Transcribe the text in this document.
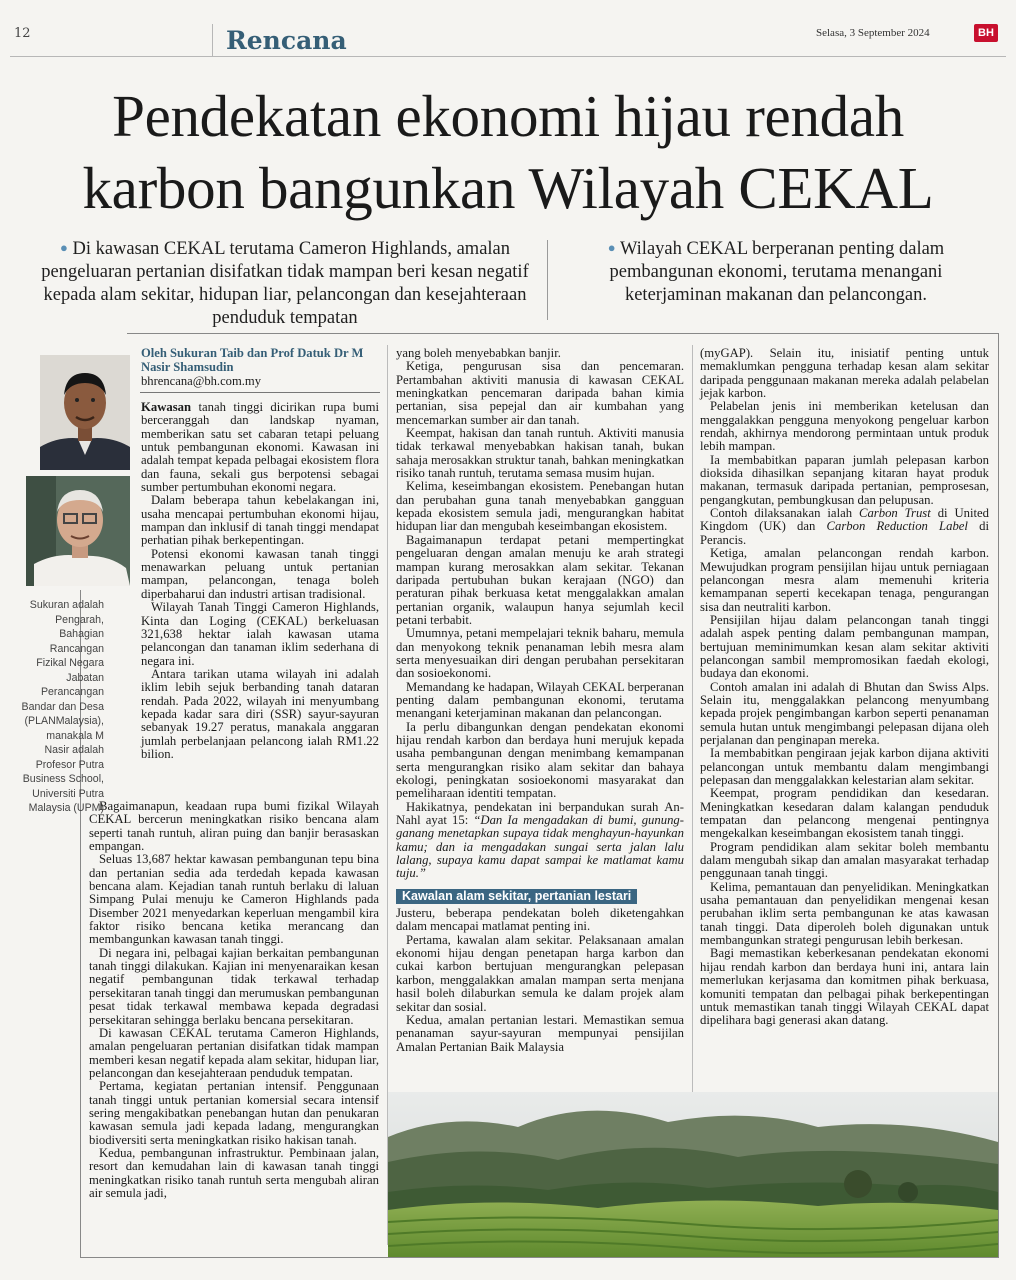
12	Rencana	Selasa, 3 September 2024	BH
Pendekatan ekonomi hijau rendah
karbon bangunkan Wilayah CEKAL
● Di kawasan CEKAL terutama Cameron Highlands, amalan pengeluaran pertanian disifatkan tidak mampan beri kesan negatif kepada alam sekitar, hidupan liar, pelancongan dan kesejahteraan penduduk tempatan
● Wilayah CEKAL berperanan penting dalam pembangunan ekonomi, terutama menangani keterjaminan makanan dan pelancongan.
Sukuran adalah Pengarah, Bahagian Rancangan Fizikal Negara Jabatan Perancangan Bandar dan Desa (PLANMalaysia), manakala M Nasir adalah Profesor Putra Business School, Universiti Putra Malaysia (UPM)
Oleh Sukuran Taib dan Prof Datuk Dr M Nasir Shamsudin
bhrencana@bh.com.my

Kawasan tanah tinggi dicirikan rupa bumi berceranggah dan landskap nyaman, memberikan satu set cabaran tetapi peluang untuk pembangunan ekonomi. Kawasan ini adalah tempat kepada pelbagai ekosistem flora dan fauna, sekali gus berpotensi sebagai sumber pertumbuhan ekonomi negara.

Dalam beberapa tahun kebelakangan ini, usaha mencapai pertumbuhan ekonomi hijau, mampan dan inklusif di tanah tinggi mendapat perhatian pihak berkepentingan.

Potensi ekonomi kawasan tanah tinggi menawarkan peluang untuk pertanian mampan, pelancongan, tenaga boleh diperbaharui dan industri artisan tradisional.

Wilayah Tanah Tinggi Cameron Highlands, Kinta dan Loging (CEKAL) berkeluasan 321,638 hektar ialah kawasan utama pelancongan dan tanaman iklim sederhana di negara ini.

Antara tarikan utama wilayah ini adalah iklim lebih sejuk berbanding tanah dataran rendah. Pada 2022, wilayah ini menyumbang kepada kadar sara diri (SSR) sayur-sayuran sebanyak 19.27 peratus, manakala anggaran jumlah perbelanjaan pelancong ialah RM1.22 bilion.

Bagaimanapun, keadaan rupa bumi fizikal Wilayah CEKAL bercerun meningkatkan risiko bencana alam seperti tanah runtuh, aliran puing dan banjir berasaskan empangan.

Seluas 13,687 hektar kawasan pembangunan tepu bina dan pertanian sedia ada terdedah kepada kawasan bencana alam. Kejadian tanah runtuh berlaku di laluan Simpang Pulai menuju ke Cameron Highlands pada Disember 2021 menyedarkan keperluan mengambil kira faktor risiko bencana ketika merancang dan membangunkan kawasan tanah tinggi.

Di negara ini, pelbagai kajian berkaitan pembangunan tanah tinggi dilakukan. Kajian ini menyenaraikan kesan negatif pembangunan tidak terkawal terhadap persekitaran tanah tinggi dan merumuskan pembangunan pesat tidak terkawal membawa kepada degradasi persekitaran sehingga berlaku bencana persekitaran.

Di kawasan CEKAL terutama Cameron Highlands, amalan pengeluaran pertanian disifatkan tidak mampan memberi kesan negatif kepada alam sekitar, hidupan liar, pelancongan dan kesejahteraan penduduk tempatan.

Pertama, kegiatan pertanian intensif. Penggunaan tanah tinggi untuk pertanian komersial secara intensif sering mengakibatkan penebangan hutan dan penukaran kawasan semula jadi kepada ladang, mengurangkan biodiversiti serta meningkatkan risiko hakisan tanah.

Kedua, pembangunan infrastruktur. Pembinaan jalan, resort dan kemudahan lain di kawasan tanah tinggi meningkatkan risiko tanah runtuh serta mengubah aliran air semula jadi,

yang boleh menyebabkan banjir.

Ketiga, pengurusan sisa dan pencemaran. Pertambahan aktiviti manusia di kawasan CEKAL meningkatkan pencemaran daripada bahan kimia pertanian, sisa pepejal dan air kumbahan yang mencemarkan sumber air dan tanah.

Keempat, hakisan dan tanah runtuh. Aktiviti manusia tidak terkawal menyebabkan hakisan tanah, bukan sahaja merosakkan struktur tanah, bahkan meningkatkan risiko tanah runtuh, terutama semasa musim hujan.

Kelima, keseimbangan ekosistem. Penebangan hutan dan perubahan guna tanah menyebabkan gangguan kepada ekosistem semula jadi, mengurangkan habitat hidupan liar dan mengubah keseimbangan ekosistem.

Bagaimanapun terdapat petani mempertingkat pengeluaran dengan amalan menuju ke arah strategi mampan kurang merosakkan alam sekitar. Tekanan daripada pertubuhan bukan kerajaan (NGO) dan peraturan pihak berkuasa ketat menggalakkan amalan pertanian organik, walaupun hanya sejumlah kecil petani terbabit.

Umumnya, petani mempelajari teknik baharu, memula dan menyokong teknik penanaman lebih mesra alam serta menyesuaikan diri dengan perubahan persekitaran dan sosioekonomi.

Memandang ke hadapan, Wilayah CEKAL berperanan penting dalam pembangunan ekonomi, terutama menangani keterjaminan makanan dan pelancongan.

Ia perlu dibangunkan dengan pendekatan ekonomi hijau rendah karbon dan berdaya huni merujuk kepada usaha pembangunan dengan menimbang kemampanan serta mengurangkan risiko alam sekitar dan bahaya ekologi, peningkatan sosioekonomi masyarakat dan pemeliharaan identiti tempatan.

Hakikatnya, pendekatan ini berpandukan surah An-Nahl ayat 15: “Dan Ia mengadakan di bumi, gunung-ganang menetapkan supaya tidak menghayun-hayunkan kamu; dan ia mengadakan sungai serta jalan lalu lalang, supaya kamu dapat sampai ke matlamat kamu tuju.”

Kawalan alam sekitar, pertanian lestari

Justeru, beberapa pendekatan boleh diketengahkan dalam mencapai matlamat penting ini.

Pertama, kawalan alam sekitar. Pelaksanaan amalan ekonomi hijau dengan penetapan harga karbon dan cukai karbon bertujuan mengurangkan pelepasan karbon, menggalakkan amalan mampan serta menjana hasil boleh dilaburkan semula ke dalam projek alam sekitar dan sosial.

Kedua, amalan pertanian lestari. Memastikan semua penanaman sayur-sayuran mempunyai pensijilan Amalan Pertanian Baik Malaysia

(myGAP). Selain itu, inisiatif penting untuk memaklumkan pengguna terhadap kesan alam sekitar daripada penggunaan makanan mereka adalah pelabelan jejak karbon.

Pelabelan jenis ini memberikan ketelusan dan menggalakkan pengguna menyokong pengeluar karbon rendah, akhirnya mendorong permintaan untuk produk lebih mampan.

Ia membabitkan paparan jumlah pelepasan karbon dioksida dihasilkan sepanjang kitaran hayat produk makanan, termasuk daripada pertanian, pemprosesan, pengangkutan, pembungkusan dan pelupusan.

Contoh dilaksanakan ialah Carbon Trust di United Kingdom (UK) dan Carbon Reduction Label di Perancis.

Ketiga, amalan pelancongan rendah karbon. Mewujudkan program pensijilan hijau untuk perniagaan pelancongan mesra alam memenuhi kriteria kemampanan seperti kecekapan tenaga, pengurangan sisa dan neutraliti karbon.

Pensijilan hijau dalam pelancongan tanah tinggi adalah aspek penting dalam pembangunan mampan, bertujuan meminimumkan kesan alam sekitar aktiviti pelancongan sambil mempromosikan faedah ekologi, budaya dan ekonomi.

Contoh amalan ini adalah di Bhutan dan Swiss Alps. Selain itu, menggalakkan pelancong menyumbang kepada projek pengimbangan karbon seperti penanaman semula hutan untuk mengimbangi pelepasan dijana oleh perjalanan dan penginapan mereka.

Ia membabitkan pengiraan jejak karbon dijana aktiviti pelancongan untuk membantu dalam mengimbangi pelepasan dan menggalakkan kelestarian alam sekitar.

Keempat, program pendidikan dan kesedaran. Meningkatkan kesedaran dalam kalangan penduduk tempatan dan pelancong mengenai pentingnya mengekalkan keseimbangan ekosistem tanah tinggi.

Program pendidikan alam sekitar boleh membantu dalam mengubah sikap dan amalan masyarakat terhadap penggunaan tanah tinggi.

Kelima, pemantauan dan penyelidikan. Meningkatkan usaha pemantauan dan penyelidikan mengenai kesan perubahan iklim serta pembangunan ke atas kawasan tanah tinggi. Data diperoleh boleh digunakan untuk membangunkan strategi pengurusan lebih berkesan.

Bagi memastikan keberkesanan pendekatan ekonomi hijau rendah karbon dan berdaya huni ini, antara lain memerlukan kerjasama dan komitmen pihak berkuasa, komuniti tempatan dan pelbagai pihak berkepentingan untuk memastikan tanah tinggi Wilayah CEKAL dapat dipelihara bagi generasi akan datang.
